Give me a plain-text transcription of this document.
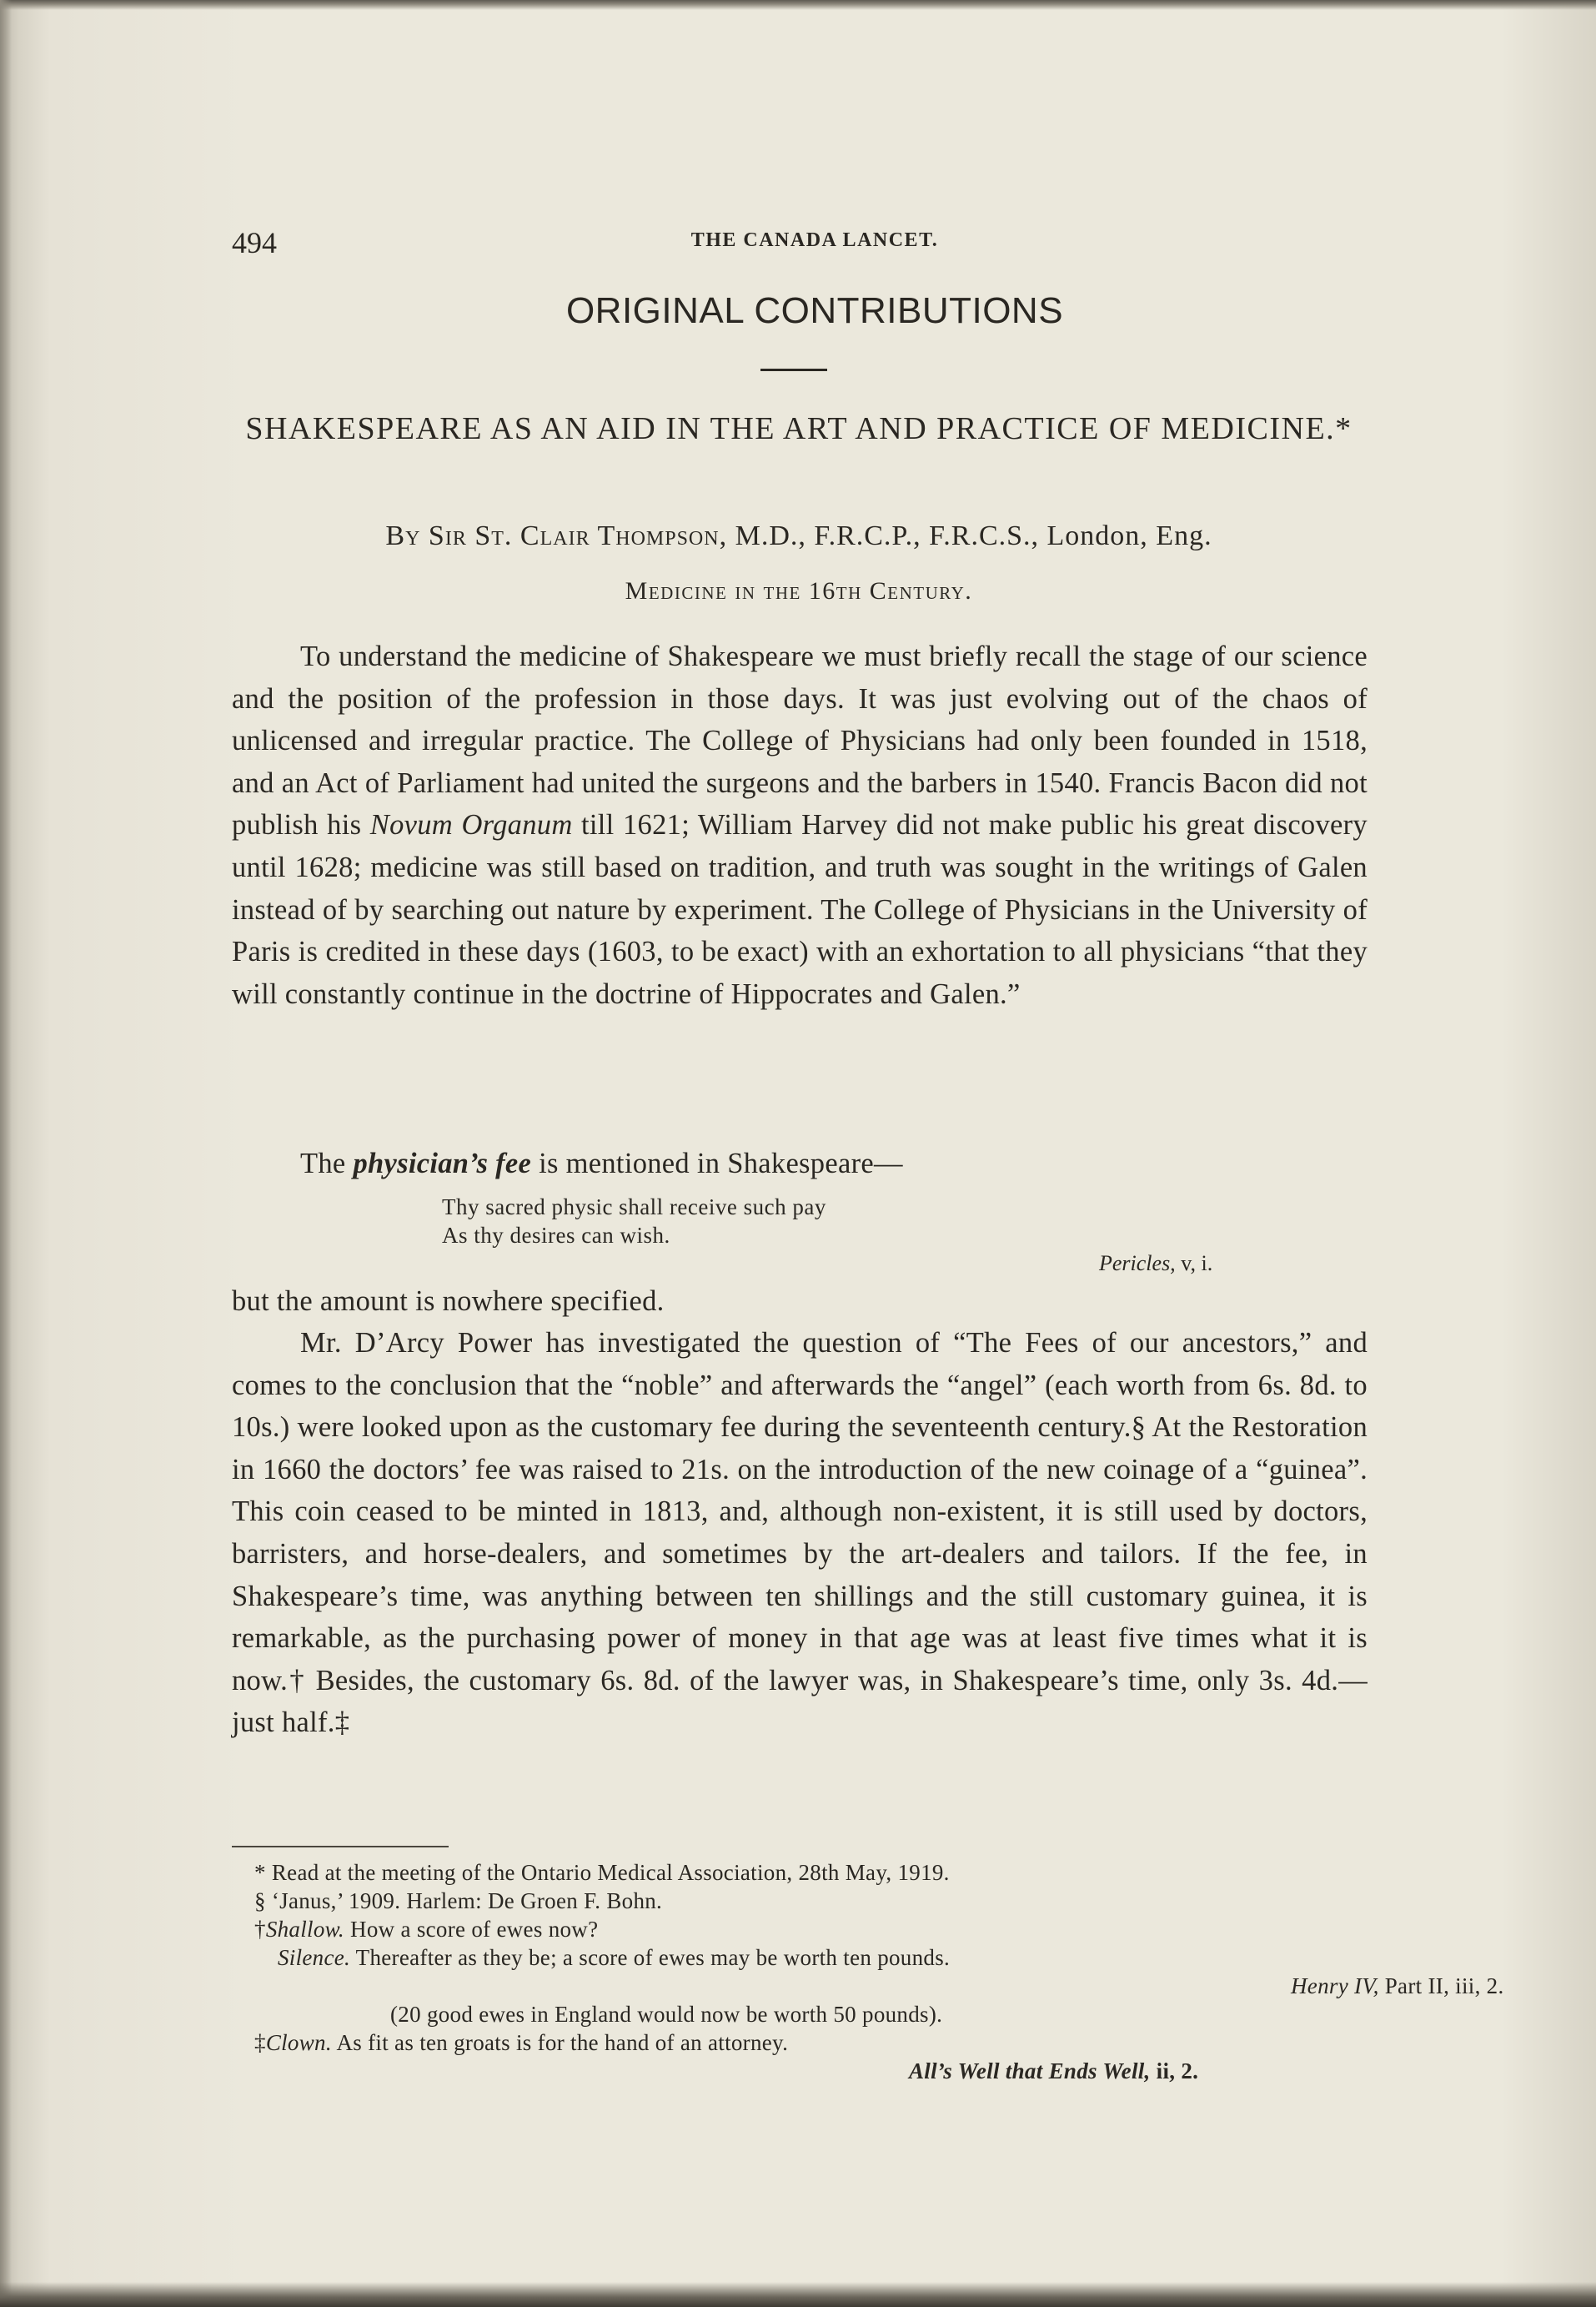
494	THE CANADA LANCET.

ORIGINAL CONTRIBUTIONS

SHAKESPEARE AS AN AID IN THE ART AND PRACTICE OF MEDICINE.*

By Sir St. Clair Thompson, M.D., F.R.C.P., F.R.C.S., London, Eng.

Medicine in the 16th Century.

To understand the medicine of Shakespeare we must briefly recall the stage of our science and the position of the profession in those days. It was just evolving out of the chaos of unlicensed and irregular practice. The College of Physicians had only been founded in 1518, and an Act of Parliament had united the surgeons and the barbers in 1540. Francis Bacon did not publish his Novum Organum till 1621; William Harvey did not make public his great discovery until 1628; medicine was still based on tradition, and truth was sought in the writings of Galen instead of by searching out nature by experiment. The College of Physicians in the University of Paris is credited in these days (1603, to be exact) with an exhortation to all physicians “that they will constantly continue in the doctrine of Hippocrates and Galen.”

The physician’s fee is mentioned in Shakespeare—

Thy sacred physic shall receive such pay
As thy desires can wish.

Pericles, v, i.

but the amount is nowhere specified.

Mr. D’Arcy Power has investigated the question of “The Fees of our ancestors,” and comes to the conclusion that the “noble” and afterwards the “angel” (each worth from 6s. 8d. to 10s.) were looked upon as the customary fee during the seventeenth century.§ At the Restoration in 1660 the doctors’ fee was raised to 21s. on the introduction of the new coinage of a “guinea”. This coin ceased to be minted in 1813, and, although non-existent, it is still used by doctors, barristers, and horse-dealers, and sometimes by the art-dealers and tailors. If the fee, in Shakespeare’s time, was anything between ten shillings and the still customary guinea, it is remarkable, as the purchasing power of money in that age was at least five times what it is now.† Besides, the customary 6s. 8d. of the lawyer was, in Shakespeare’s time, only 3s. 4d.—just half.‡

* Read at the meeting of the Ontario Medical Association, 28th May, 1919.

§ ‘Janus,’ 1909. Harlem: De Groen F. Bohn.

†Shallow. How a score of ewes now?

Silence. Thereafter as they be; a score of ewes may be worth ten pounds.

Henry IV, Part II, iii, 2.

(20 good ewes in England would now be worth 50 pounds).

‡Clown. As fit as ten groats is for the hand of an attorney.

All’s Well that Ends Well, ii, 2.
